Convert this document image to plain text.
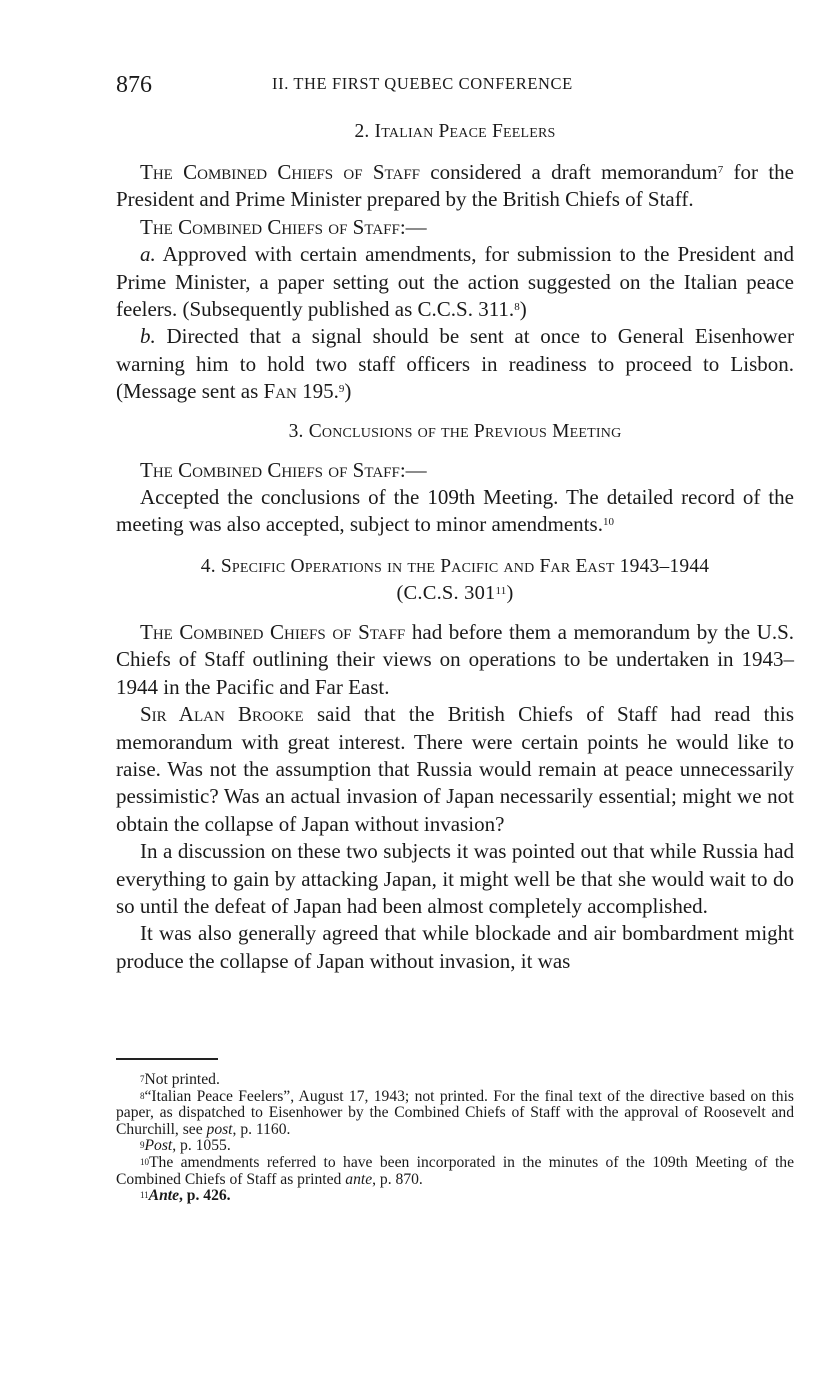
876	II. THE FIRST QUEBEC CONFERENCE
2. Italian Peace Feelers

The Combined Chiefs of Staff considered a draft memorandum$^7$ for the President and Prime Minister prepared by the British Chiefs of Staff.

The Combined Chiefs of Staff:—

a. Approved with certain amendments, for submission to the President and Prime Minister, a paper setting out the action suggested on the Italian peace feelers. (Subsequently published as C.C.S. 311.$^8$)

b. Directed that a signal should be sent at once to General Eisenhower warning him to hold two staff officers in readiness to proceed to Lisbon. (Message sent as Fan 195.$^9$)

3. Conclusions of the Previous Meeting

The Combined Chiefs of Staff:—

Accepted the conclusions of the 109th Meeting. The detailed record of the meeting was also accepted, subject to minor amendments.$^{10}$

4. Specific Operations in the Pacific and Far East 1943–1944
(C.C.S. $301^{11}$)

The Combined Chiefs of Staff had before them a memorandum by the U.S. Chiefs of Staff outlining their views on operations to be undertaken in 1943–1944 in the Pacific and Far East.

Sir Alan Brooke said that the British Chiefs of Staff had read this memorandum with great interest. There were certain points he would like to raise. Was not the assumption that Russia would remain at peace unnecessarily pessimistic? Was an actual invasion of Japan necessarily essential; might we not obtain the collapse of Japan without invasion?

In a discussion on these two subjects it was pointed out that while Russia had everything to gain by attacking Japan, it might well be that she would wait to do so until the defeat of Japan had been almost completely accomplished.

It was also generally agreed that while blockade and air bombardment might produce the collapse of Japan without invasion, it was

$^7$Not printed.

$^8$“Italian Peace Feelers”, August 17, 1943; not printed. For the final text of the directive based on this paper, as dispatched to Eisenhower by the Combined Chiefs of Staff with the approval of Roosevelt and Churchill, see post, p. 1160.

$^9$Post, p. 1055.

$^{10}$The amendments referred to have been incorporated in the minutes of the 109th Meeting of the Combined Chiefs of Staff as printed ante, p. 870.

$^{11}$Ante, p. 426.
